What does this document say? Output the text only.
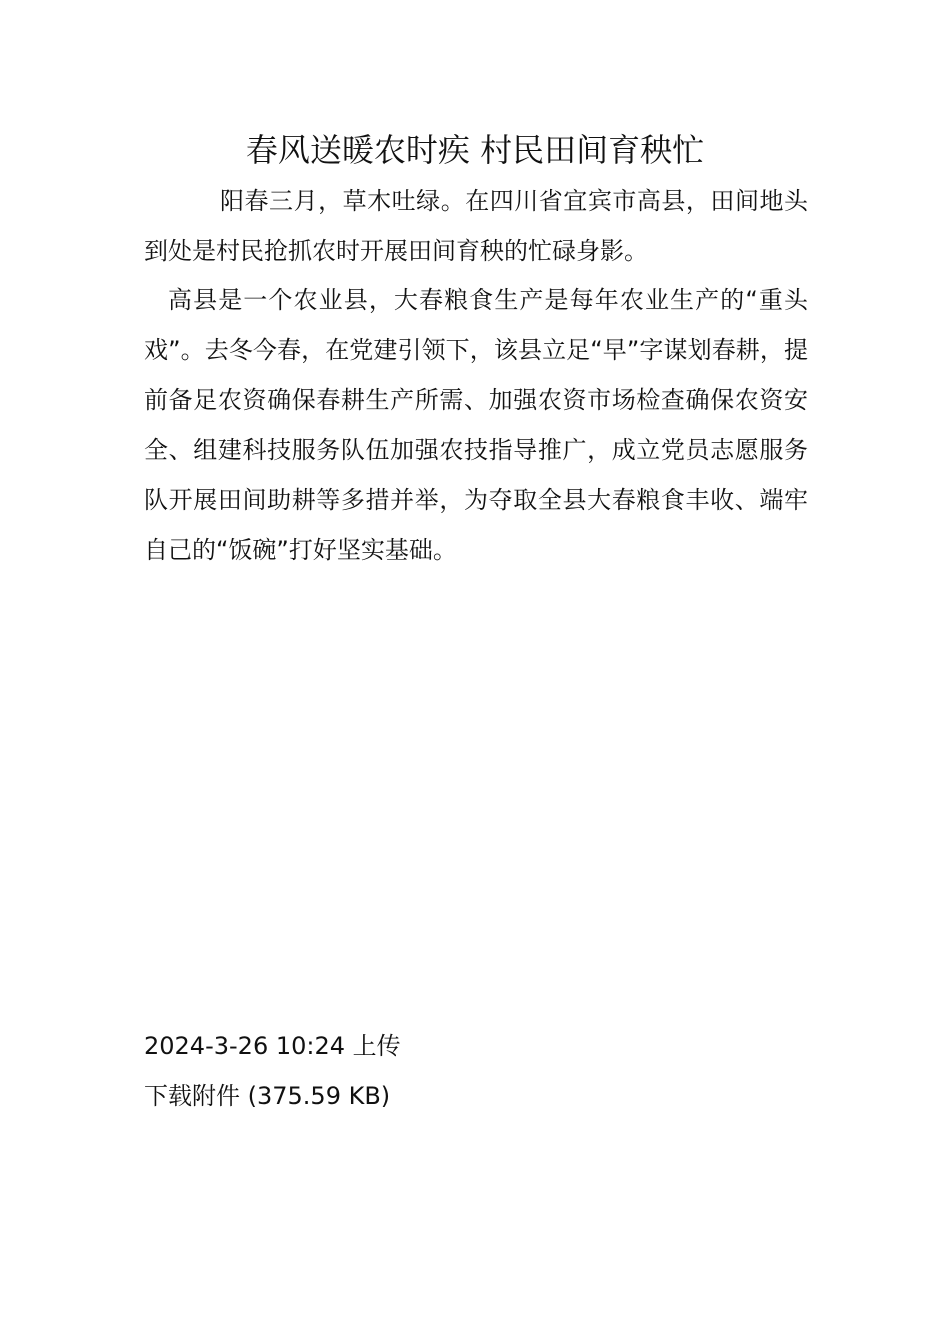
春风送暖农时疾 村民田间育秧忙

阳春三月，草木吐绿。在四川省宜宾市高县，田间地头到处是村民抢抓农时开展田间育秧的忙碌身影。

高县是一个农业县，大春粮食生产是每年农业生产的“重头戏”。去冬今春，在党建引领下，该县立足“早”字谋划春耕，提前备足农资确保春耕生产所需、加强农资市场检查确保农资安全、组建科技服务队伍加强农技指导推广，成立党员志愿服务队开展田间助耕等多措并举，为夺取全县大春粮食丰收、端牢自己的“饭碗”打好坚实基础。

2024-3-26 10:24 上传
下载附件 (375.59 KB)
